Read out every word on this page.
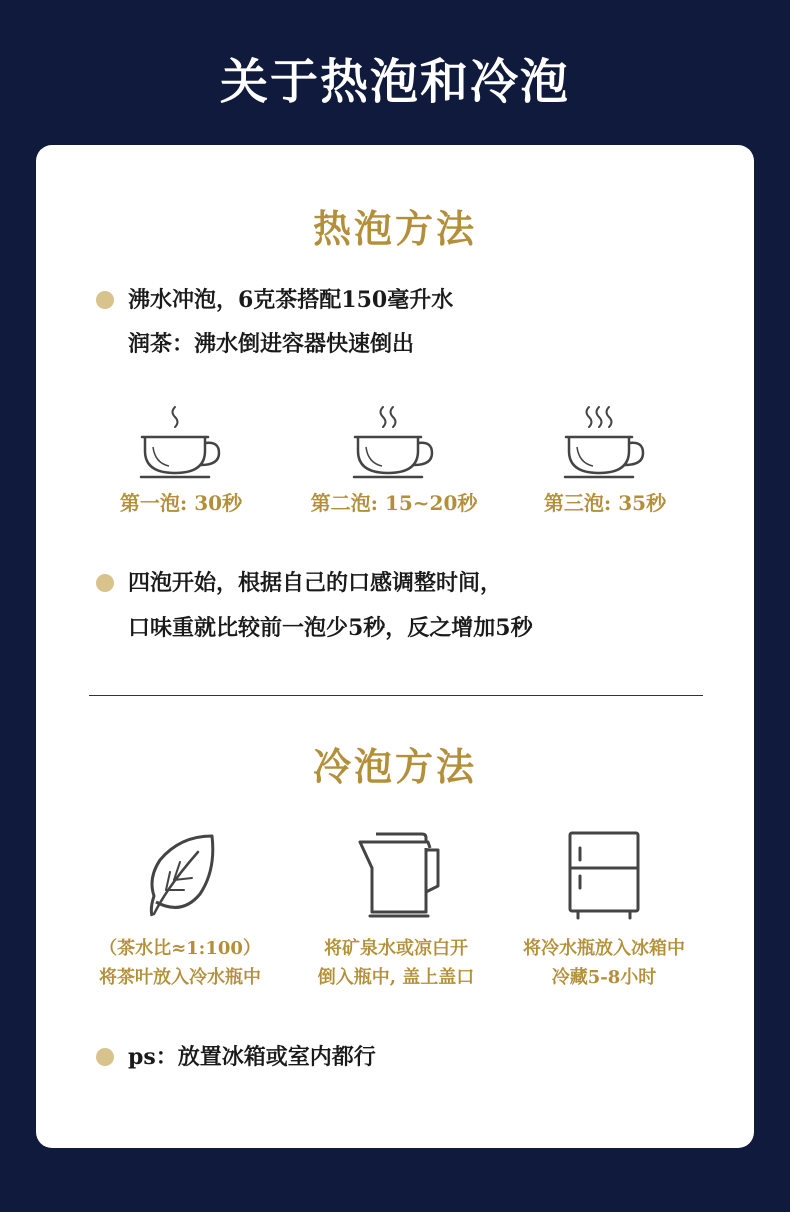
关于热泡和冷泡
热泡方法
沸水冲泡，6克茶搭配150毫升水
润茶：沸水倒进容器快速倒出
第一泡: 30秒	第二泡: 15~20秒	第三泡: 35秒
四泡开始，根据自己的口感调整时间，
口味重就比较前一泡少5秒，反之增加5秒
冷泡方法
（茶水比≈1:100）
将茶叶放入冷水瓶中
将矿泉水或凉白开
倒入瓶中, 盖上盖口
将冷水瓶放入冰箱中
冷藏5-8小时
ps：放置冰箱或室内都行
